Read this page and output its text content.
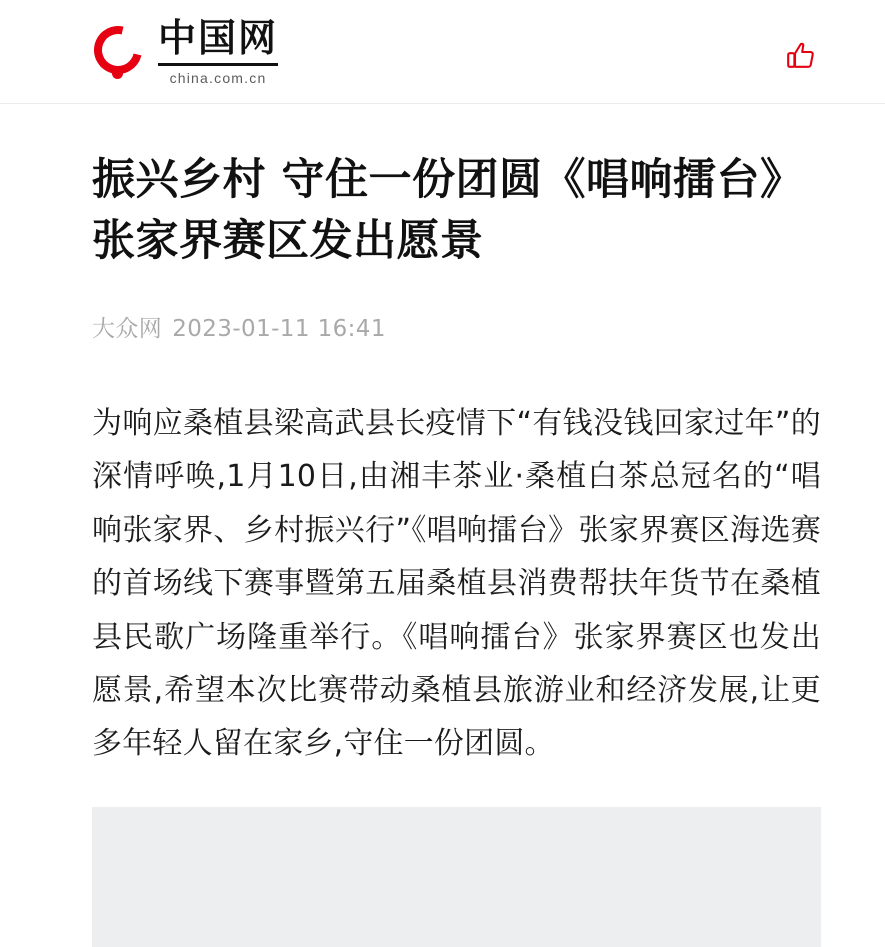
中国网
china.com.cn
振兴乡村 守住一份团圆《唱响擂台》张家界赛区发出愿景
大众网 2023-01-11 16:41

为响应桑植县梁高武县长疫情下“有钱没钱回家过年”的深情呼唤,1月10日,由湘丰茶业·桑植白茶总冠名的“唱响张家界、乡村振兴行”《唱响擂台》张家界赛区海选赛的首场线下赛事暨第五届桑植县消费帮扶年货节在桑植县民歌广场隆重举行。《唱响擂台》张家界赛区也发出愿景,希望本次比赛带动桑植县旅游业和经济发展,让更多年轻人留在家乡,守住一份团圆。
